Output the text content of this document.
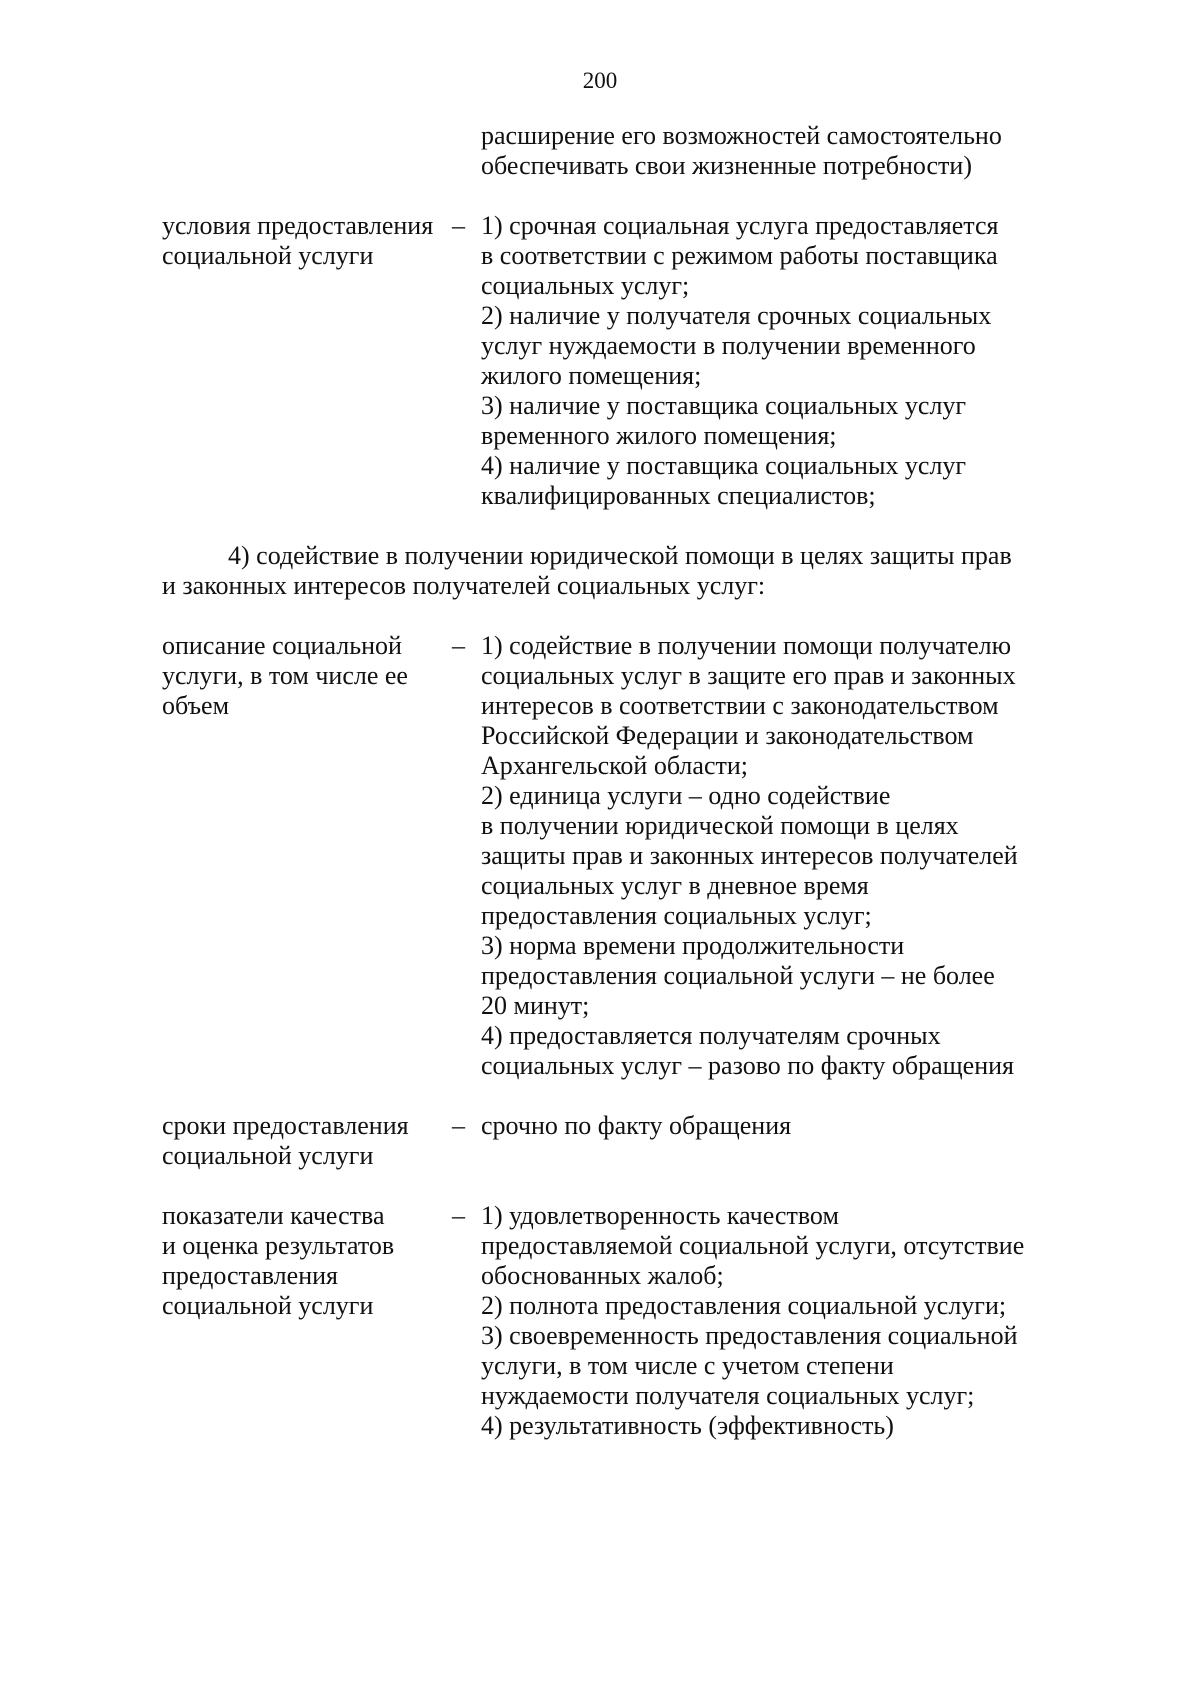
200
расширение его возможностей самостоятельно
обеспечивать свои жизненные потребности)
условия предоставления
социальной услуги
– 1) срочная социальная услуга предоставляется
в соответствии с режимом работы поставщика
социальных услуг;
2) наличие у получателя срочных социальных
услуг нуждаемости в получении временного
жилого помещения;
3) наличие у поставщика социальных услуг
временного жилого помещения;
4) наличие у поставщика социальных услуг
квалифицированных специалистов;
4) содействие в получении юридической помощи в целях защиты прав
и законных интересов получателей социальных услуг:
описание социальной
услуги, в том числе ее
объем
– 1) содействие в получении помощи получателю
социальных услуг в защите его прав и законных
интересов в соответствии с законодательством
Российской Федерации и законодательством
Архангельской области;
2) единица услуги – одно содействие
в получении юридической помощи в целях
защиты прав и законных интересов получателей
социальных услуг в дневное время
предоставления социальных услуг;
3) норма времени продолжительности
предоставления социальной услуги – не более
20 минут;
4) предоставляется получателям срочных
социальных услуг – разово по факту обращения
сроки предоставления
социальной услуги
– срочно по факту обращения
показатели качества
и оценка результатов
предоставления
социальной услуги
– 1) удовлетворенность качеством
предоставляемой социальной услуги, отсутствие
обоснованных жалоб;
2) полнота предоставления социальной услуги;
3) своевременность предоставления социальной
услуги, в том числе с учетом степени
нуждаемости получателя социальных услуг;
4) результативность (эффективность)
